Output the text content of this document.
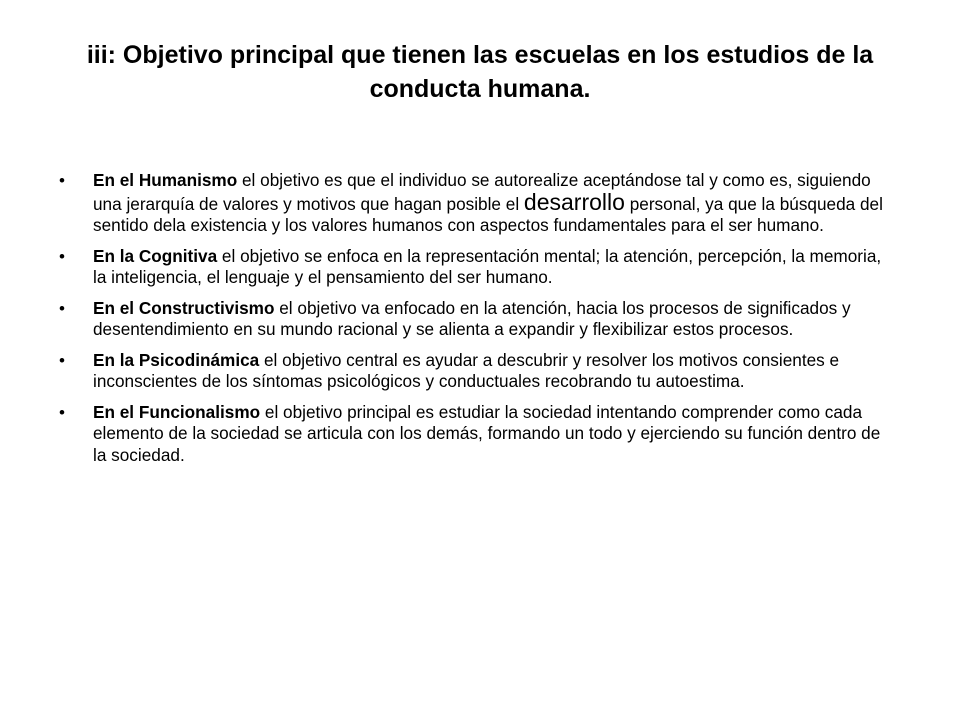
iii: Objetivo principal que tienen las escuelas en los estudios de la conducta humana.
• En el Humanismo el objetivo es que el individuo se autorealize aceptándose tal y como es, siguiendo una jerarquía de valores y motivos que hagan posible el desarrollo personal, ya que la búsqueda del sentido dela existencia y los valores humanos con aspectos fundamentales para el ser humano.
• En la Cognitiva el objetivo se enfoca en la representación mental; la atención, percepción, la memoria, la inteligencia, el lenguaje y el pensamiento del ser humano.
• En el Constructivismo el objetivo va enfocado en la atención, hacia los procesos de significados y desentendimiento en su mundo racional y se alienta a expandir y flexibilizar estos procesos.
• En la Psicodinámica el objetivo central es ayudar a descubrir y resolver los motivos consientes e inconscientes de los síntomas psicológicos y conductuales recobrando tu autoestima.
• En el Funcionalismo el objetivo principal es estudiar la sociedad intentando comprender como cada elemento de la sociedad se articula con los demás, formando un todo y ejerciendo su función dentro de la sociedad.
